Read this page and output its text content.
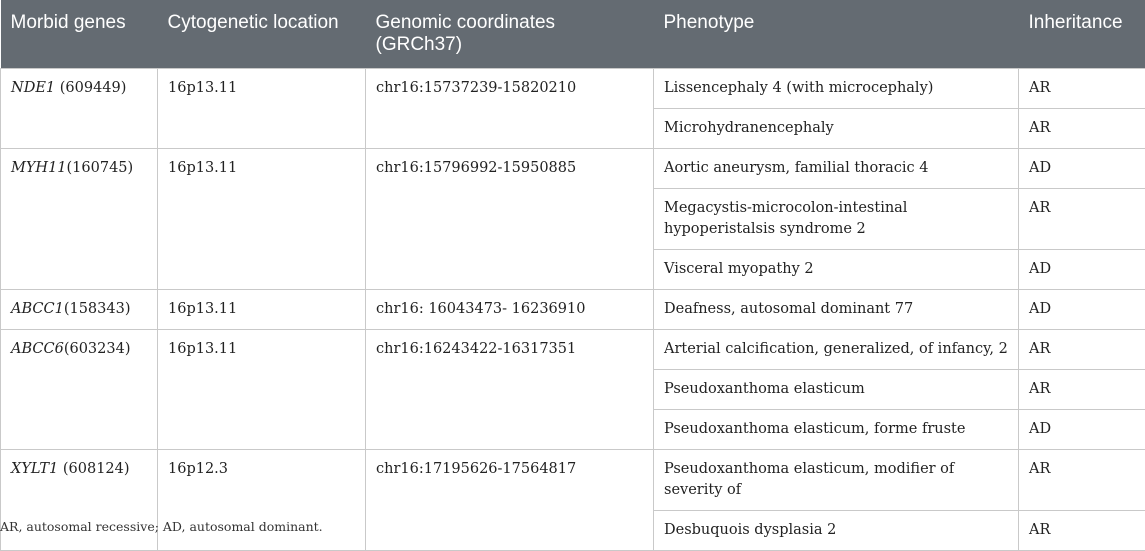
Morbid genes	Cytogenetic location	Genomic coordinates (GRCh37)	Phenotype	Inheritance
NDE1 (609449)	16p13.11	chr16:15737239-15820210	Lissencephaly 4 (with microcephaly)	AR
			Microhydranencephaly	AR
MYH11(160745)	16p13.11	chr16:15796992-15950885	Aortic aneurysm, familial thoracic 4	AD
			Megacystis-microcolon-intestinal hypoperistalsis syndrome 2	AR
			Visceral myopathy 2	AD
ABCC1(158343)	16p13.11	chr16: 16043473- 16236910	Deafness, autosomal dominant 77	AD
ABCC6(603234)	16p13.11	chr16:16243422-16317351	Arterial calcification, generalized, of infancy, 2	AR
			Pseudoxanthoma elasticum	AR
			Pseudoxanthoma elasticum, forme fruste	AD
XYLT1 (608124)	16p12.3	chr16:17195626-17564817	Pseudoxanthoma elasticum, modifier of severity of	AR
			Desbuquois dysplasia 2	AR

AR, autosomal recessive; AD, autosomal dominant.
